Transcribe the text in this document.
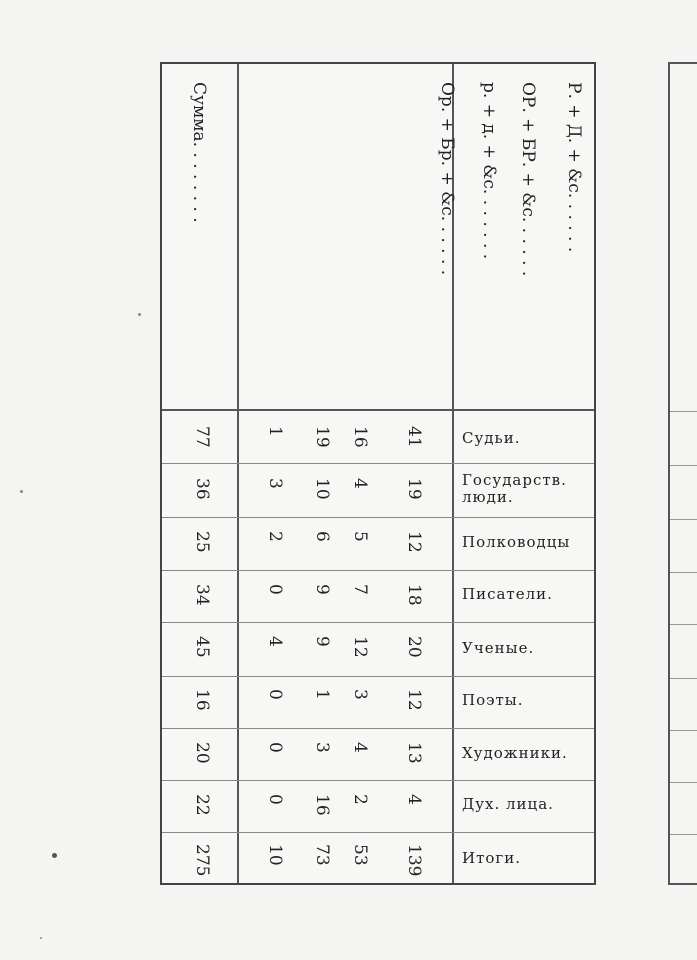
Р. + Д. + &c. . . . . .
ОР. + БР. + &c. . . . . .
р. + д. + &c. . . . . . .
Ор. + Бр. + &c. . . . . .
Сумма. . . . . . . .
Судьи.
Государств. люди.
Полководцы
Писатели.
Ученые.
Поэты.
Художники.
Дух. лица.
Итоги.
41
16
19
1
77
19
4
10
3
36
12
5
6
2
25
18
7
9
0
34
20
12
9
4
45
12
3
1
0
16
13
4
3
0
20
4
2
16
0
22
139
53
73
10
275
